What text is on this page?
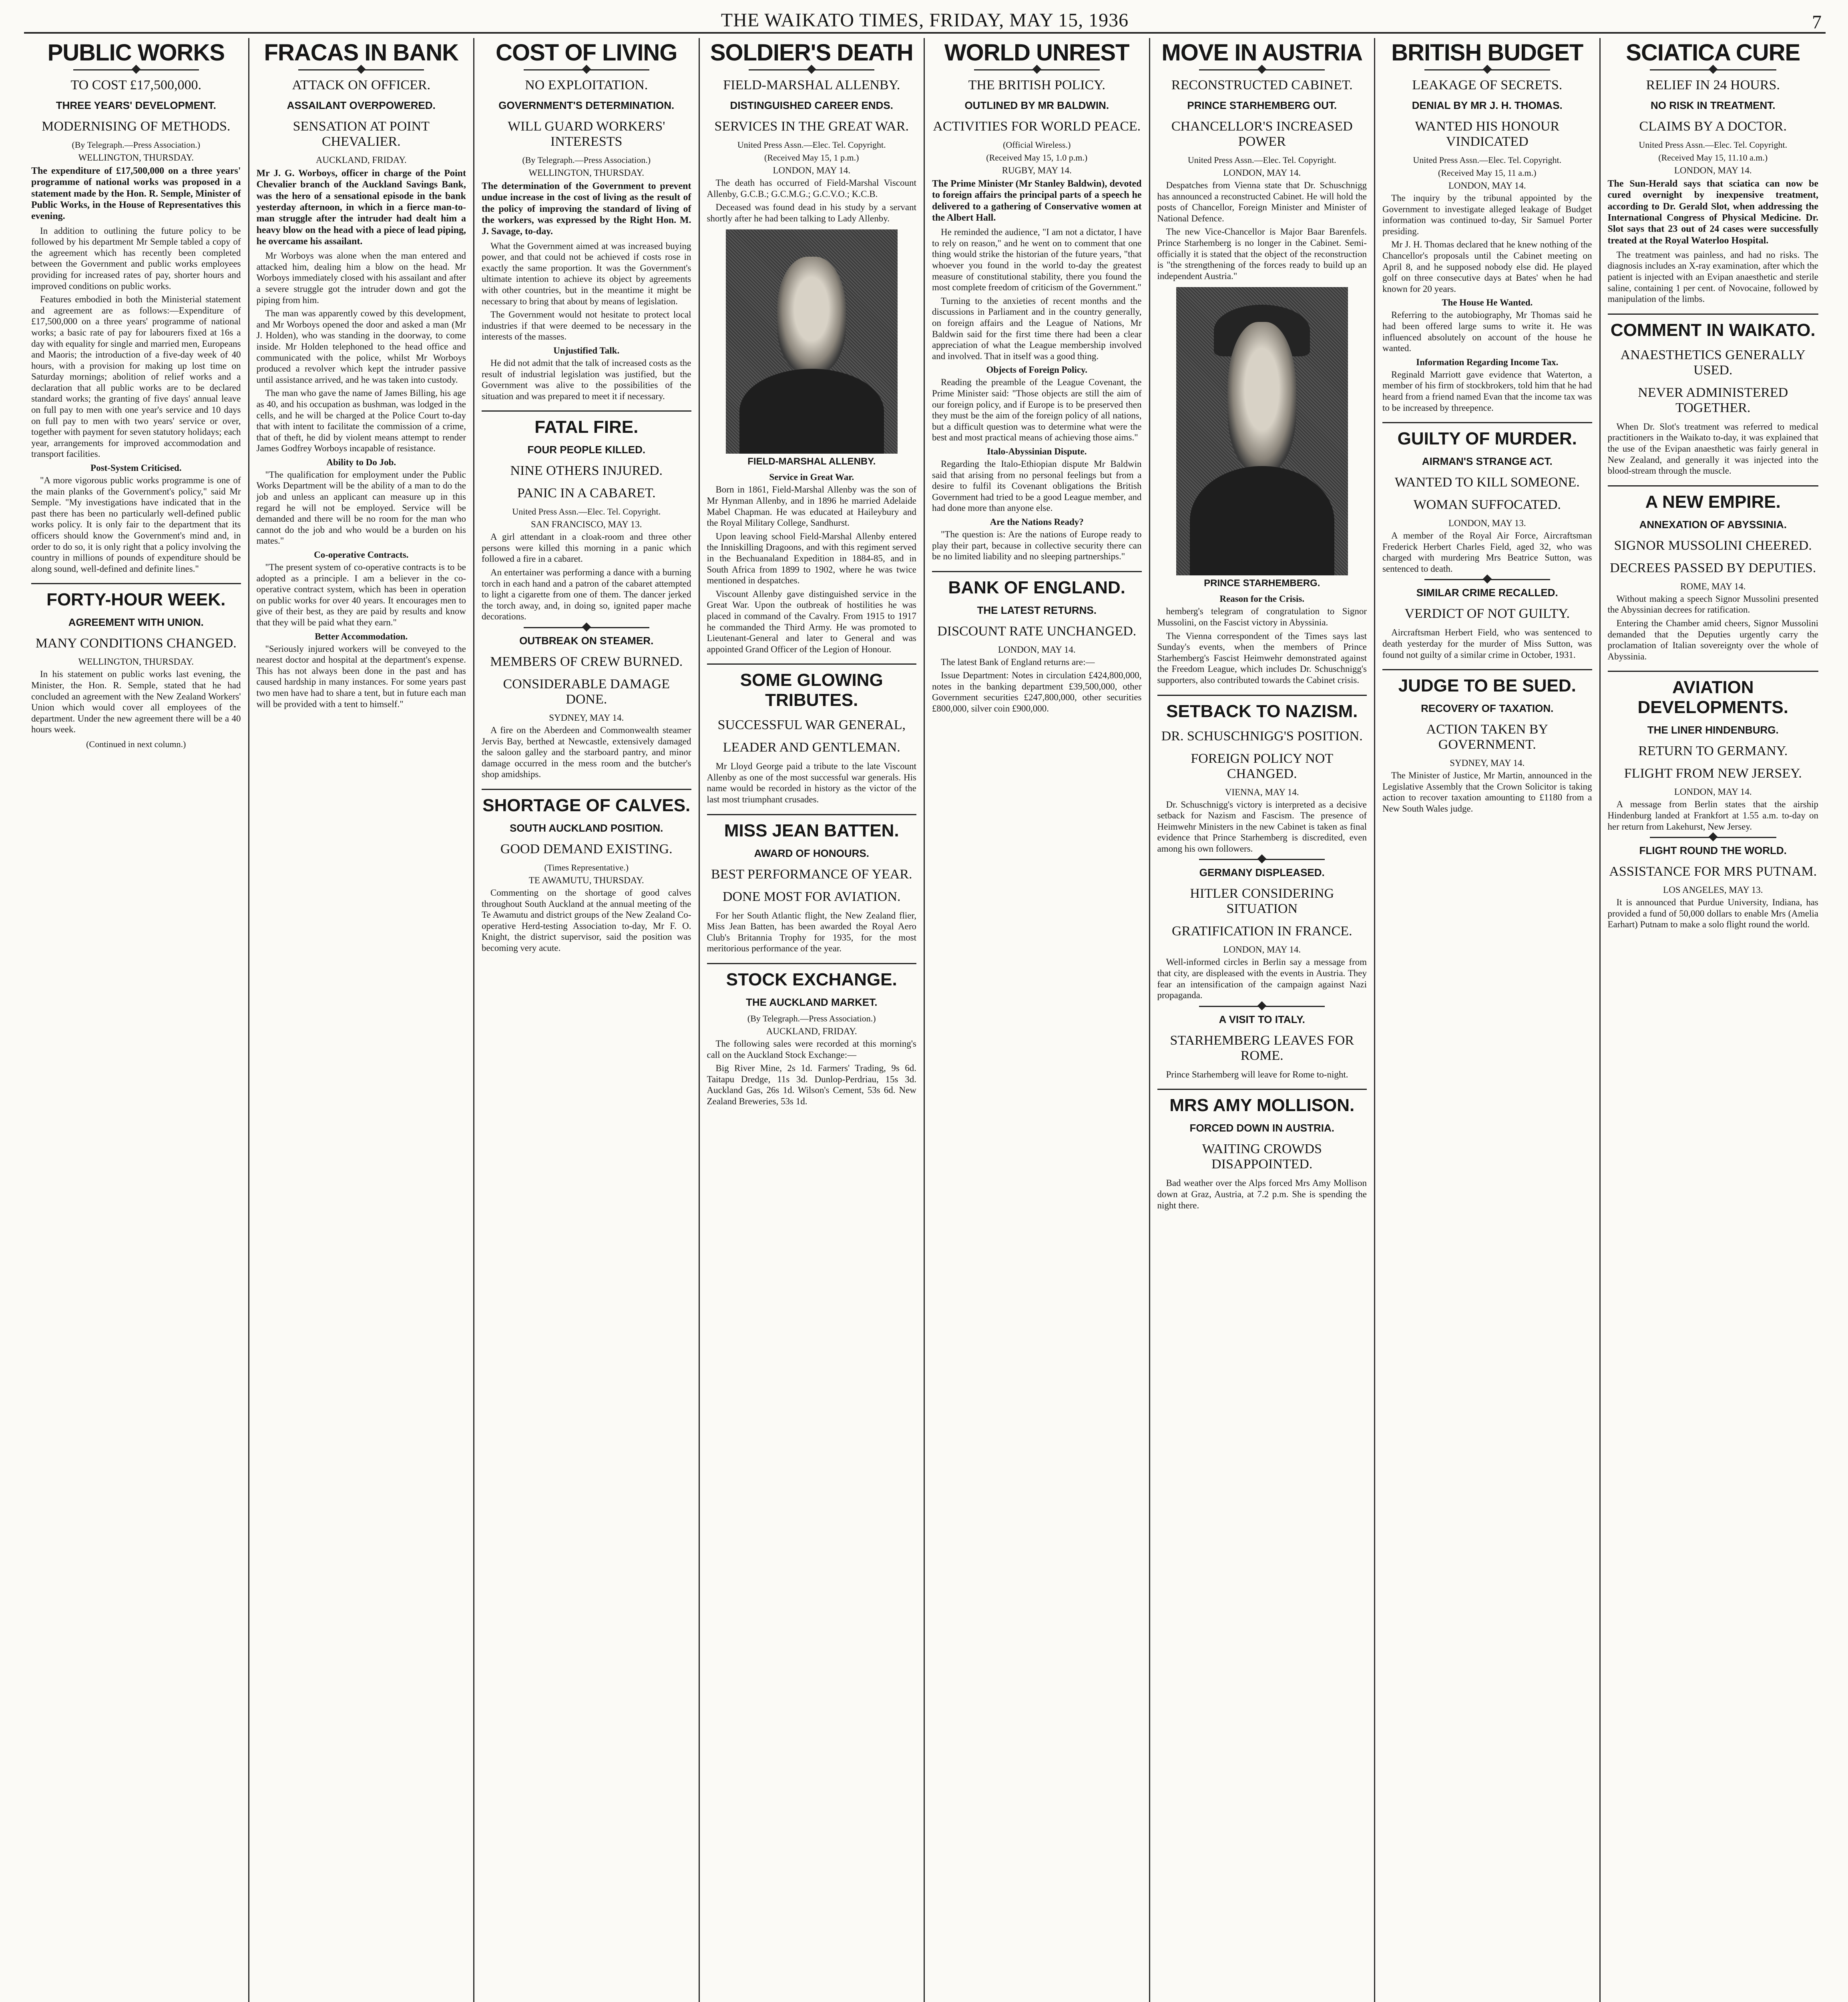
THE WAIKATO TIMES, FRIDAY, MAY 15, 1936	7
PUBLIC WORKS
TO COST £17,500,000.
THREE YEARS' DEVELOPMENT.
MODERNISING OF METHODS.
(By Telegraph.—Press Association.)
WELLINGTON, THURSDAY.
The expenditure of £17,500,000 on a three years' programme of national works was proposed in a statement made by the Hon. R. Semple, Minister of Public Works, in the House of Representatives this evening.

In addition to outlining the future policy to be followed by his department Mr Semple tabled a copy of the agreement which has recently been completed between the Government and public works employees providing for increased rates of pay, shorter hours and improved conditions on public works.

Features embodied in both the Ministerial statement and agreement are as follows:—Expenditure of £17,500,000 on a three years' programme of national works; a basic rate of pay for labourers fixed at 16s a day with equality for single and married men, Europeans and Maoris; the introduction of a five-day week of 40 hours, with a provision for making up lost time on Saturday mornings; abolition of relief works and a declaration that all public works are to be declared standard works; the granting of five days' annual leave on full pay to men with one year's service and 10 days on full pay to men with two years' service or over, together with payment for seven statutory holidays; each year, arrangements for improved accommodation and transport facilities.

Post-System Criticised.

"A more vigorous public works programme is one of the main planks of the Government's policy," said Mr Semple. "My investigations have indicated that in the past there has been no particularly well-defined public works policy. It is only fair to the department that its officers should know the Government's mind and, in order to do so, it is only right that a policy involving the country in millions of pounds of expenditure should be along sound, well-defined and definite lines."

FORTY-HOUR WEEK.
AGREEMENT WITH UNION.
MANY CONDITIONS CHANGED.
WELLINGTON, THURSDAY.

In his statement on public works last evening, the Minister, the Hon. R. Semple, stated that he had concluded an agreement with the New Zealand Workers' Union which would cover all employees of the department. Under the new agreement there will be a 40 hours week.

(Continued in next column.)
FRACAS IN BANK
ATTACK ON OFFICER.
ASSAILANT OVERPOWERED.
SENSATION AT POINT CHEVALIER.
AUCKLAND, FRIDAY.
Mr J. G. Worboys, officer in charge of the Point Chevalier branch of the Auckland Savings Bank, was the hero of a sensational episode in the bank yesterday afternoon, in which in a fierce man-to-man struggle after the intruder had dealt him a heavy blow on the head with a piece of lead piping, he overcame his assailant.

Mr Worboys was alone when the man entered and attacked him, dealing him a blow on the head. Mr Worboys immediately closed with his assailant and after a severe struggle got the intruder down and got the piping from him.

The man was apparently cowed by this development, and Mr Worboys opened the door and asked a man (Mr J. Holden), who was standing in the doorway, to come inside. Mr Holden telephoned to the head office and communicated with the police, whilst Mr Worboys produced a revolver which kept the intruder passive until assistance arrived, and he was taken into custody.

The man who gave the name of James Billing, his age as 40, and his occupation as bushman, was lodged in the cells, and he will be charged at the Police Court to-day that with intent to facilitate the commission of a crime, that of theft, he did by violent means attempt to render James Godfrey Worboys incapable of resistance.

Ability to Do Job.

"The qualification for employment under the Public Works Department will be the ability of a man to do the job and unless an applicant can measure up in this regard he will not be employed. Service will be demanded and there will be no room for the man who cannot do the job and who would be a burden on his mates."

Co-operative Contracts.

"The present system of co-operative contracts is to be adopted as a principle. I am a believer in the co-operative contract system, which has been in operation on public works for over 40 years. It encourages men to give of their best, as they are paid by results and know that they will be paid what they earn."

Better Accommodation.

"Seriously injured workers will be conveyed to the nearest doctor and hospital at the department's expense. This has not always been done in the past and has caused hardship in many instances. For some years past two men have had to share a tent, but in future each man will be provided with a tent to himself."

COST OF LIVING
NO EXPLOITATION.
GOVERNMENT'S DETERMINATION.
WILL GUARD WORKERS' INTERESTS
(By Telegraph.—Press Association.)
WELLINGTON, THURSDAY.
The determination of the Government to prevent undue increase in the cost of living as the result of the policy of improving the standard of living of the workers, was expressed by the Right Hon. M. J. Savage, to-day.

What the Government aimed at was increased buying power, and that could not be achieved if costs rose in exactly the same proportion. It was the Government's ultimate intention to achieve its object by agreements with other countries, but in the meantime it might be necessary to bring that about by means of legislation.

The Government would not hesitate to protect local industries if that were deemed to be necessary in the interests of the masses.

Unjustified Talk.

He did not admit that the talk of increased costs as the result of industrial legislation was justified, but the Government was alive to the possibilities of the situation and was prepared to meet it if necessary.

FATAL FIRE.
FOUR PEOPLE KILLED.
NINE OTHERS INJURED.
PANIC IN A CABARET.
United Press Assn.—Elec. Tel. Copyright.
SAN FRANCISCO, MAY 13.

A girl attendant in a cloak-room and three other persons were killed this morning in a panic which followed a fire in a cabaret.

An entertainer was performing a dance with a burning torch in each hand and a patron of the cabaret attempted to light a cigarette from one of them. The dancer jerked the torch away, and, in doing so, ignited paper mache decorations.

OUTBREAK ON STEAMER.
MEMBERS OF CREW BURNED.
CONSIDERABLE DAMAGE DONE.
SYDNEY, MAY 14.

A fire on the Aberdeen and Commonwealth steamer Jervis Bay, berthed at Newcastle, extensively damaged the saloon galley and the starboard pantry, and minor damage occurred in the mess room and the butcher's shop amidships.

SHORTAGE OF CALVES.
SOUTH AUCKLAND POSITION.
GOOD DEMAND EXISTING.
(Times Representative.)
TE AWAMUTU, THURSDAY.

Commenting on the shortage of good calves throughout South Auckland at the annual meeting of the Te Awamutu and district groups of the New Zealand Co-operative Herd-testing Association to-day, Mr F. O. Knight, the district supervisor, said the position was becoming very acute.

SOLDIER'S DEATH
FIELD-MARSHAL ALLENBY.
DISTINGUISHED CAREER ENDS.
SERVICES IN THE GREAT WAR.
United Press Assn.—Elec. Tel. Copyright.
(Received May 15, 1 p.m.)
LONDON, MAY 14.

The death has occurred of Field-Marshal Viscount Allenby, G.C.B.; G.C.M.G.; G.C.V.O.; K.C.B.

Deceased was found dead in his study by a servant shortly after he had been talking to Lady Allenby.

FIELD-MARSHAL ALLENBY.
Service in Great War.

Born in 1861, Field-Marshal Allenby was the son of Mr Hynman Allenby, and in 1896 he married Adelaide Mabel Chapman. He was educated at Haileybury and the Royal Military College, Sandhurst.

Upon leaving school Field-Marshal Allenby entered the Inniskilling Dragoons, and with this regiment served in the Bechuanaland Expedition in 1884-85, and in South Africa from 1899 to 1902, where he was twice mentioned in despatches.

Viscount Allenby gave distinguished service in the Great War. Upon the outbreak of hostilities he was placed in command of the Cavalry. From 1915 to 1917 he commanded the Third Army. He was promoted to Lieutenant-General and later to General and was appointed Grand Officer of the Legion of Honour.

SOME GLOWING TRIBUTES.
SUCCESSFUL WAR GENERAL,
LEADER AND GENTLEMAN.

Mr Lloyd George paid a tribute to the late Viscount Allenby as one of the most successful war generals. His name would be recorded in history as the victor of the last most triumphant crusades.

MISS JEAN BATTEN.
AWARD OF HONOURS.
BEST PERFORMANCE OF YEAR.
DONE MOST FOR AVIATION.

For her South Atlantic flight, the New Zealand flier, Miss Jean Batten, has been awarded the Royal Aero Club's Britannia Trophy for 1935, for the most meritorious performance of the year.

STOCK EXCHANGE.
THE AUCKLAND MARKET.
(By Telegraph.—Press Association.)
AUCKLAND, FRIDAY.

The following sales were recorded at this morning's call on the Auckland Stock Exchange:—

Big River Mine, 2s 1d. Farmers' Trading, 9s 6d. Taitapu Dredge, 11s 3d. Dunlop-Perdriau, 15s 3d. Auckland Gas, 26s 1d. Wilson's Cement, 53s 6d. New Zealand Breweries, 53s 1d.

WORLD UNREST
THE BRITISH POLICY.
OUTLINED BY MR BALDWIN.
ACTIVITIES FOR WORLD PEACE.
(Official Wireless.)
(Received May 15, 1.0 p.m.)
RUGBY, MAY 14.
The Prime Minister (Mr Stanley Baldwin), devoted to foreign affairs the principal parts of a speech he delivered to a gathering of Conservative women at the Albert Hall.

He reminded the audience, "I am not a dictator, I have to rely on reason," and he went on to comment that one thing would strike the historian of the future years, "that whoever you found in the world to-day the greatest measure of constitutional stability, there you found the most complete freedom of criticism of the Government."

Turning to the anxieties of recent months and the discussions in Parliament and in the country generally, on foreign affairs and the League of Nations, Mr Baldwin said for the first time there had been a clear appreciation of what the League membership involved and involved. That in itself was a good thing.

Objects of Foreign Policy.

Reading the preamble of the League Covenant, the Prime Minister said: "Those objects are still the aim of our foreign policy, and if Europe is to be preserved then they must be the aim of the foreign policy of all nations, but a difficult question was to determine what were the best and most practical means of achieving those aims."

Italo-Abyssinian Dispute.

Regarding the Italo-Ethiopian dispute Mr Baldwin said that arising from no personal feelings but from a desire to fulfil its Covenant obligations the British Government had tried to be a good League member, and had done more than anyone else.

Are the Nations Ready?

"The question is: Are the nations of Europe ready to play their part, because in collective security there can be no limited liability and no sleeping partnerships."

BANK OF ENGLAND.
THE LATEST RETURNS.
DISCOUNT RATE UNCHANGED.
LONDON, MAY 14.

The latest Bank of England returns are:—

Issue Department: Notes in circulation £424,800,000, notes in the banking department £39,500,000, other Government securities £247,800,000, other securities £800,000, silver coin £900,000.

MOVE IN AUSTRIA
RECONSTRUCTED CABINET.
PRINCE STARHEMBERG OUT.
CHANCELLOR'S INCREASED POWER
United Press Assn.—Elec. Tel. Copyright.
LONDON, MAY 14.

Despatches from Vienna state that Dr. Schuschnigg has announced a reconstructed Cabinet. He will hold the posts of Chancellor, Foreign Minister and Minister of National Defence.

The new Vice-Chancellor is Major Baar Barenfels. Prince Starhemberg is no longer in the Cabinet. Semi-officially it is stated that the object of the reconstruction is "the strengthening of the forces ready to build up an independent Austria."

PRINCE STARHEMBERG.
Reason for the Crisis.

hemberg's telegram of congratulation to Signor Mussolini, on the Fascist victory in Abyssinia.

The Vienna correspondent of the Times says last Sunday's events, when the members of Prince Starhemberg's Fascist Heimwehr demonstrated against the Freedom League, which includes Dr. Schuschnigg's supporters, also contributed towards the Cabinet crisis.

SETBACK TO NAZISM.
DR. SCHUSCHNIGG'S POSITION.
FOREIGN POLICY NOT CHANGED.
VIENNA, MAY 14.

Dr. Schuschnigg's victory is interpreted as a decisive setback for Nazism and Fascism. The presence of Heimwehr Ministers in the new Cabinet is taken as final evidence that Prince Starhemberg is discredited, even among his own followers.

GERMANY DISPLEASED.
HITLER CONSIDERING SITUATION
GRATIFICATION IN FRANCE.
LONDON, MAY 14.

Well-informed circles in Berlin say a message from that city, are displeased with the events in Austria. They fear an intensification of the campaign against Nazi propaganda.

A VISIT TO ITALY.
STARHEMBERG LEAVES FOR ROME.

Prince Starhemberg will leave for Rome to-night.

MRS AMY MOLLISON.
FORCED DOWN IN AUSTRIA.
WAITING CROWDS DISAPPOINTED.

Bad weather over the Alps forced Mrs Amy Mollison down at Graz, Austria, at 7.2 p.m. She is spending the night there.

BRITISH BUDGET
LEAKAGE OF SECRETS.
DENIAL BY MR J. H. THOMAS.
WANTED HIS HONOUR VINDICATED
United Press Assn.—Elec. Tel. Copyright.
(Received May 15, 11 a.m.)
LONDON, MAY 14.

The inquiry by the tribunal appointed by the Government to investigate alleged leakage of Budget information was continued to-day, Sir Samuel Porter presiding.

Mr J. H. Thomas declared that he knew nothing of the Chancellor's proposals until the Cabinet meeting on April 8, and he supposed nobody else did. He played golf on three consecutive days at Bates' when he had known for 20 years.

The House He Wanted.

Referring to the autobiography, Mr Thomas said he had been offered large sums to write it. He was influenced absolutely on account of the house he wanted.

Information Regarding Income Tax.

Reginald Marriott gave evidence that Waterton, a member of his firm of stockbrokers, told him that he had heard from a friend named Evan that the income tax was to be increased by threepence.

GUILTY OF MURDER.
AIRMAN'S STRANGE ACT.
WANTED TO KILL SOMEONE.
WOMAN SUFFOCATED.
LONDON, MAY 13.

A member of the Royal Air Force, Aircraftsman Frederick Herbert Charles Field, aged 32, who was charged with murdering Mrs Beatrice Sutton, was sentenced to death.

SIMILAR CRIME RECALLED.
VERDICT OF NOT GUILTY.

Aircraftsman Herbert Field, who was sentenced to death yesterday for the murder of Miss Sutton, was found not guilty of a similar crime in October, 1931.

JUDGE TO BE SUED.
RECOVERY OF TAXATION.
ACTION TAKEN BY GOVERNMENT.
SYDNEY, MAY 14.

The Minister of Justice, Mr Martin, announced in the Legislative Assembly that the Crown Solicitor is taking action to recover taxation amounting to £1180 from a New South Wales judge.

SCIATICA CURE
RELIEF IN 24 HOURS.
NO RISK IN TREATMENT.
CLAIMS BY A DOCTOR.
United Press Assn.—Elec. Tel. Copyright.
(Received May 15, 11.10 a.m.)
LONDON, MAY 14.
The Sun-Herald says that sciatica can now be cured overnight by inexpensive treatment, according to Dr. Gerald Slot, when addressing the International Congress of Physical Medicine. Dr. Slot says that 23 out of 24 cases were successfully treated at the Royal Waterloo Hospital.

The treatment was painless, and had no risks. The diagnosis includes an X-ray examination, after which the patient is injected with an Evipan anaesthetic and sterile saline, containing 1 per cent. of Novocaine, followed by manipulation of the limbs.

COMMENT IN WAIKATO.
ANAESTHETICS GENERALLY USED.
NEVER ADMINISTERED TOGETHER.

When Dr. Slot's treatment was referred to medical practitioners in the Waikato to-day, it was explained that the use of the Evipan anaesthetic was fairly general in New Zealand, and generally it was injected into the blood-stream through the muscle.

A NEW EMPIRE.
ANNEXATION OF ABYSSINIA.
SIGNOR MUSSOLINI CHEERED.
DECREES PASSED BY DEPUTIES.
ROME, MAY 14.

Without making a speech Signor Mussolini presented the Abyssinian decrees for ratification.

Entering the Chamber amid cheers, Signor Mussolini demanded that the Deputies urgently carry the proclamation of Italian sovereignty over the whole of Abyssinia.

AVIATION DEVELOPMENTS.
THE LINER HINDENBURG.
RETURN TO GERMANY.
FLIGHT FROM NEW JERSEY.
LONDON, MAY 14.

A message from Berlin states that the airship Hindenburg landed at Frankfort at 1.55 a.m. to-day on her return from Lakehurst, New Jersey.

FLIGHT ROUND THE WORLD.
ASSISTANCE FOR MRS PUTNAM.
LOS ANGELES, MAY 13.

It is announced that Purdue University, Indiana, has provided a fund of 50,000 dollars to enable Mrs (Amelia Earhart) Putnam to make a solo flight round the world.
